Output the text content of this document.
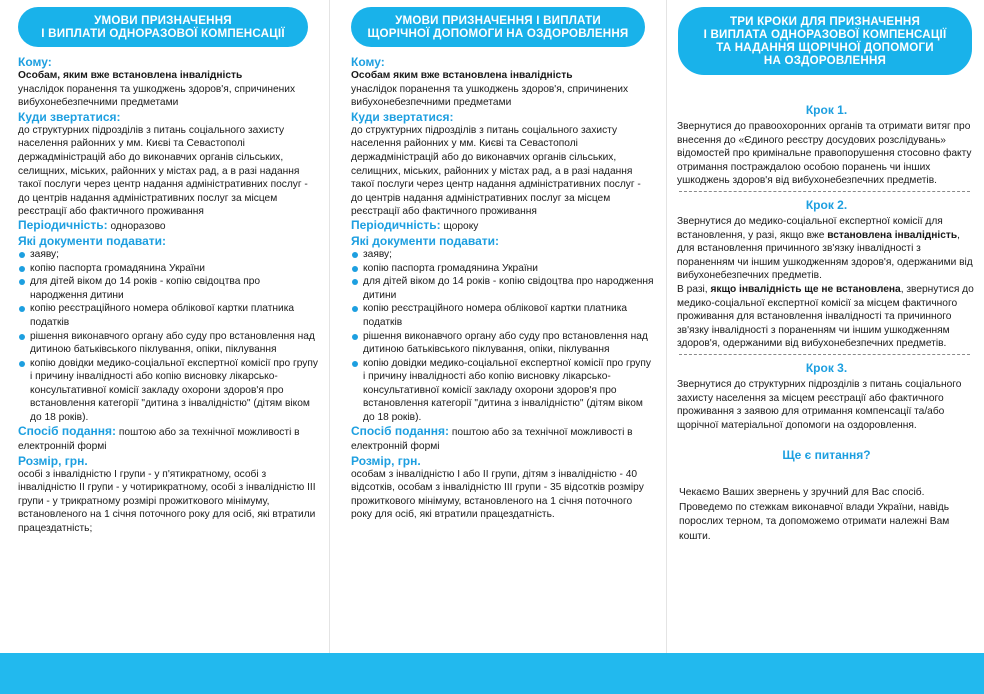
УМОВИ ПРИЗНАЧЕННЯ
І ВИПЛАТИ ОДНОРАЗОВОЇ КОМПЕНСАЦІЇ
Кому:

Особам, яким вже встановлена інвалідність

унаслідок поранення та ушкоджень здоров'я, спричинених вибухонебезпечними предметами

Куди звертатися:

до структурних підрозділів з питань соціального захисту населення районних у мм. Києві та Севастополі держадміністрацій або до виконавчих органів сільських, селищних, міських, районних у містах рад, а в разі надання такої послуги через центр надання адміністративних послуг - до центрів надання адміністративних послуг за місцем реєстрації або фактичного проживання

Періодичність: одноразово
Які документи подавати:
заяву;
копію паспорта громадянина України
для дітей віком до 14 років - копію свідоцтва про народження дитини
копію реєстраційного номера облікової картки платника податків
рішення виконавчого органу або суду про встановлення над дитиною батьківського піклування, опіки, піклування
копію довідки медико-соціальної експертної комісії про групу і причину інвалідності або копію висновку лікарсько-консультативної комісії закладу охорони здоров'я про встановлення категорії "дитина з інвалідністю" (дітям віком до 18 років).
Спосіб подання: поштою або за технічної можливості в електронній формі
Розмір, грн.

особі з інвалідністю І групи - у п'ятикратному, особі з інвалідністю ІІ групи - у чотирикратному, особі з інвалідністю ІІІ групи - у трикратному розмірі прожиткового мінімуму, встановленого на 1 січня поточного року для осіб, які втратили працездатність;

УМОВИ ПРИЗНАЧЕННЯ І ВИПЛАТИ
ЩОРІЧНОЇ ДОПОМОГИ НА ОЗДОРОВЛЕННЯ
Кому:

Особам яким вже встановлена інвалідність

унаслідок поранення та ушкоджень здоров'я, спричинених вибухонебезпечними предметами

Куди звертатися:

до структурних підрозділів з питань соціального захисту населення районних у мм. Києві та Севастополі держадміністрацій або до виконавчих органів сільських, селищних, міських, районних у містах рад, а в разі надання такої послуги через центр надання адміністративних послуг - до центрів надання адміністративних послуг за місцем реєстрації або фактичного проживання

Періодичність: щороку
Які документи подавати:
заяву;
копію паспорта громадянина України
для дітей віком до 14 років - копію свідоцтва про народження дитини
копію реєстраційного номера облікової картки платника податків
рішення виконавчого органу або суду про встановлення над дитиною батьківського піклування, опіки, піклування
копію довідки медико-соціальної експертної комісії про групу і причину інвалідності або копію висновку лікарсько-консультативної комісії закладу охорони здоров'я про встановлення категорії "дитина з інвалідністю" (дітям віком до 18 років).
Спосіб подання: поштою або за технічної можливості в електронній формі
Розмір, грн.

особам з інвалідністю І або ІІ групи, дітям з інвалідністю - 40 відсотків, особам з інвалідністю ІІІ групи - 35 відсотків розміру прожиткового мінімуму, встановленого на 1 січня поточного року для осіб, які втратили працездатність.

ТРИ КРОКИ ДЛЯ ПРИЗНАЧЕННЯ
І ВИПЛАТА ОДНОРАЗОВОЇ КОМПЕНСАЦІЇ
ТА НАДАННЯ ЩОРІЧНОЇ ДОПОМОГИ
НА ОЗДОРОВЛЕННЯ
Крок 1.

Звернутися до правоохоронних органів та отримати витяг про внесення до «Єдиного реєстру досудових розслідувань» відомостей про кримінальне правопорушення стосовно факту отримання постраждалою особою поранень чи інших ушкоджень здоров'я від вибухонебезпечних предметів.

Крок 2.

Звернутися до медико-соціальної експертної комісії для встановлення, у разі, якщо вже встановлена інвалідність, для встановлення причинного зв'язку інвалідності з пораненням чи іншим ушкодженням здоров'я, одержаними від вибухонебезпечних предметів.

В разі, якщо інвалідність ще не встановлена, звернутися до медико-соціальної експертної комісії за місцем фактичного проживання для встановлення інвалідності та причинного зв'язку інвалідності з пораненням чи іншим ушкодженням здоров'я, одержаними від вибухонебезпечних предметів.

Крок 3.

Звернутися до структурних підрозділів з питань соціального захисту населення за місцем реєстрації або фактичного проживання з заявою для отримання компенсації та/або щорічної матеріальної допомоги на оздоровлення.

Ще є питання?
Чекаємо Ваших звернень у зручний для Вас спосіб. Проведемо по стежкам виконавчої влади України, навідь порослих терном, та допоможемо отримати належні Вам кошти.
